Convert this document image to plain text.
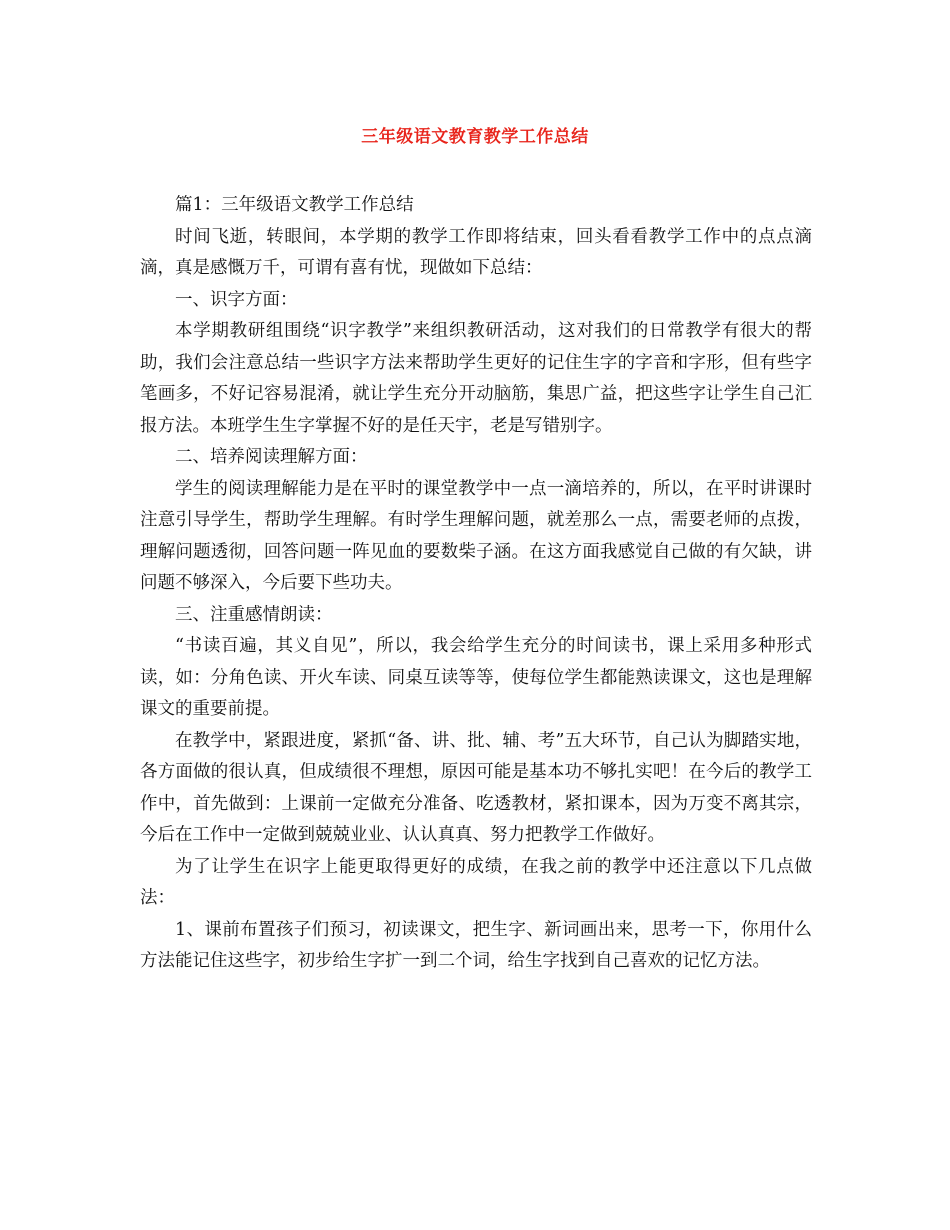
三年级语文教育教学工作总结

篇1：三年级语文教学工作总结

时间飞逝，转眼间，本学期的教学工作即将结束，回头看看教学工作中的点点滴滴，真是感慨万千，可谓有喜有忧，现做如下总结：

一、识字方面：

本学期教研组围绕“识字教学”来组织教研活动，这对我们的日常教学有很大的帮助，我们会注意总结一些识字方法来帮助学生更好的记住生字的字音和字形，但有些字笔画多，不好记容易混淆，就让学生充分开动脑筋，集思广益，把这些字让学生自己汇报方法。本班学生生字掌握不好的是任天宇，老是写错别字。

二、培养阅读理解方面：

学生的阅读理解能力是在平时的课堂教学中一点一滴培养的，所以，在平时讲课时注意引导学生，帮助学生理解。有时学生理解问题，就差那么一点，需要老师的点拨，理解问题透彻，回答问题一阵见血的要数柴子涵。在这方面我感觉自己做的有欠缺，讲问题不够深入，今后要下些功夫。

三、注重感情朗读：

“书读百遍，其义自见”，所以，我会给学生充分的时间读书，课上采用多种形式读，如：分角色读、开火车读、同桌互读等等，使每位学生都能熟读课文，这也是理解课文的重要前提。

在教学中，紧跟进度，紧抓“备、讲、批、辅、考”五大环节，自己认为脚踏实地，各方面做的很认真，但成绩很不理想，原因可能是基本功不够扎实吧！在今后的教学工作中，首先做到：上课前一定做充分准备、吃透教材，紧扣课本，因为万变不离其宗，今后在工作中一定做到兢兢业业、认认真真、努力把教学工作做好。

为了让学生在识字上能更取得更好的成绩，在我之前的教学中还注意以下几点做法：

1、课前布置孩子们预习，初读课文，把生字、新词画出来，思考一下，你用什么方法能记住这些字，初步给生字扩一到二个词，给生字找到自己喜欢的记忆方法。
